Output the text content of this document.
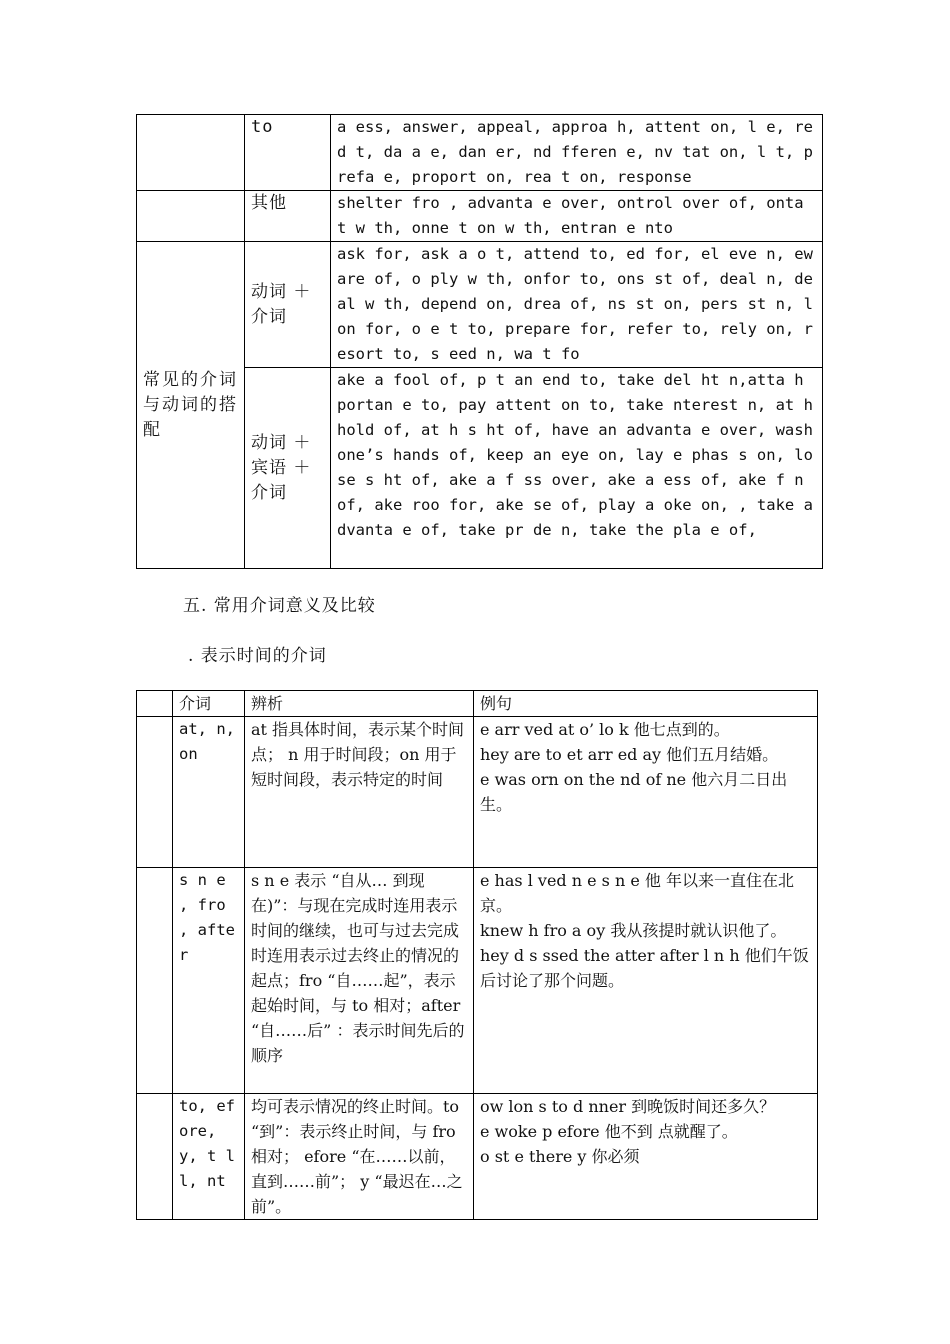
	to	a ess, answer, appeal, approa h, attent on, l e, red t, da a e, dan er, nd fferen e, nv tat on, l t, prefa e, proport on, rea t on, response
	其他	shelter fro , advanta e over, ontrol over of, onta t w th, onne t on w th, entran e nto
常见的介词与动词的搭配	动词 ＋ 介词	ask for, ask a o t, attend to, ed for, el eve n, eware of, o ply w th, onfor to, ons st of, deal n, deal w th, depend on, drea of, ns st on, pers st n, lon for, o e t to, prepare for, refer to, rely on, resort to, s eed n, wa t fo
	动词 ＋ 宾语 ＋ 介词	ake a fool of, p t an end to, take del ht n,atta h portan e to, pay attent on to, take nterest n, at h hold of, at h s ht of, have an advanta e over, wash one’s hands of, keep an eye on, lay e phas s on, lose s ht of, ake a f ss over, ake a ess of, ake f n of, ake roo for, ake se of, play a oke on, , take advanta e of, take pr de n, take the pla e of,
五. 常用介词意义及比较
. 表示时间的介词
	介词	辨析	例句
	at, n,on	at 指具体时间，表示某个时间点； n 用于时间段；on 用于短时间段，表示特定的时间	e arr ved at o’ lo k 他七点到的。
hey are to et arr ed ay 他们五月结婚。
e was orn on the nd of ne 他六月二日出生。

	s n e , fro , after	s n e 表示 “自从… 到现在)”：与现在完成时连用表示时间的继续，也可与过去完成时连用表示过去终止的情况的起点；fro “自……起”，表示起始时间，与 to 相对；after “自……后” ：表示时间先后的顺序	e has l ved n e s n e 他 年以来一直住在北京。
knew h fro a oy 我从孩提时就认识他了。
hey d s ssed the atter after l n h 他们午饭后讨论了那个问题。

	to, efore, y, t ll, nt	均可表示情况的终止时间。to “到”：表示终止时间，与 fro 相对； efore “在……以前，直到……前”； y “最迟在…之前”。	ow lon s to d nner 到晚饭时间还多久？
e woke p efore 他不到 点就醒了。
o st e there y 你必须
